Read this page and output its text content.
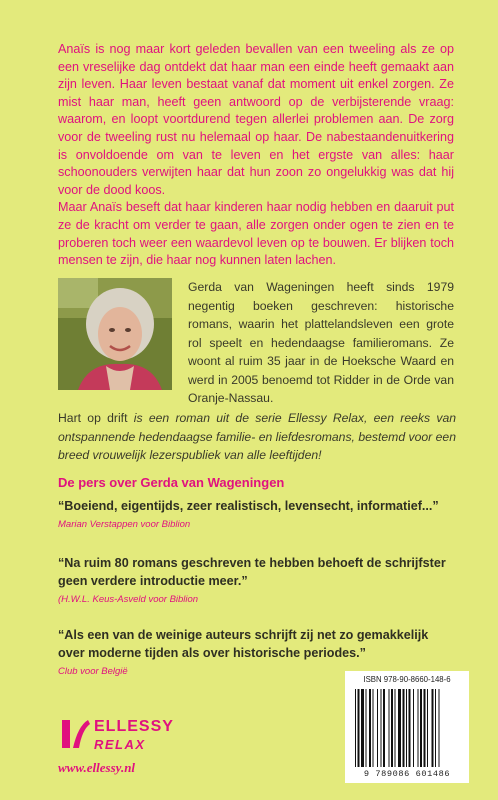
Anaïs is nog maar kort geleden bevallen van een tweeling als ze op een vreselijke dag ontdekt dat haar man een einde heeft gemaakt aan zijn leven. Haar leven bestaat vanaf dat moment uit enkel zorgen. Ze mist haar man, heeft geen antwoord op de verbijsterende vraag: waarom, en loopt voortdurend tegen allerlei problemen aan. De zorg voor de tweeling rust nu helemaal op haar. De nabestaandenuitkering is onvoldoende om van te leven en het ergste van alles: haar schoonouders verwijten haar dat hun zoon zo ongelukkig was dat hij voor de dood koos.

Maar Anaïs beseft dat haar kinderen haar nodig hebben en daaruit put ze de kracht om verder te gaan, alle zorgen onder ogen te zien en te proberen toch weer een waardevol leven op te bouwen. Er blijken toch mensen te zijn, die haar nog kunnen laten lachen.

Gerda van Wageningen heeft sinds 1979 negentig boeken geschreven: historische romans, waarin het plattelandsleven een grote rol speelt en hedendaagse familieromans. Ze woont al ruim 35 jaar in de Hoeksche Waard en werd in 2005 benoemd tot Ridder in de Orde van Oranje-Nassau.

Hart op drift is een roman uit de serie Ellessy Relax, een reeks van ontspannende hedendaagse familie- en liefdesromans, bestemd voor een breed vrouwelijk lezerspubliek van alle leeftijden!

De pers over Gerda van Wageningen

“Boeiend, eigentijds, zeer realistisch, levensecht, informatief...”

Marian Verstappen voor Biblion

“Na ruim 80 romans geschreven te hebben behoeft de schrijfster geen verdere introductie meer.”

(H.W.L. Keus-Asveld voor Biblion

“Als een van de weinige auteurs schrijft zij net zo gemakkelijk over moderne tijden als over historische periodes.”

Club voor België

ISBN 978-90-8660-148-6
9 789086 601486
ELLESSY
RELAX
www.ellessy.nl
